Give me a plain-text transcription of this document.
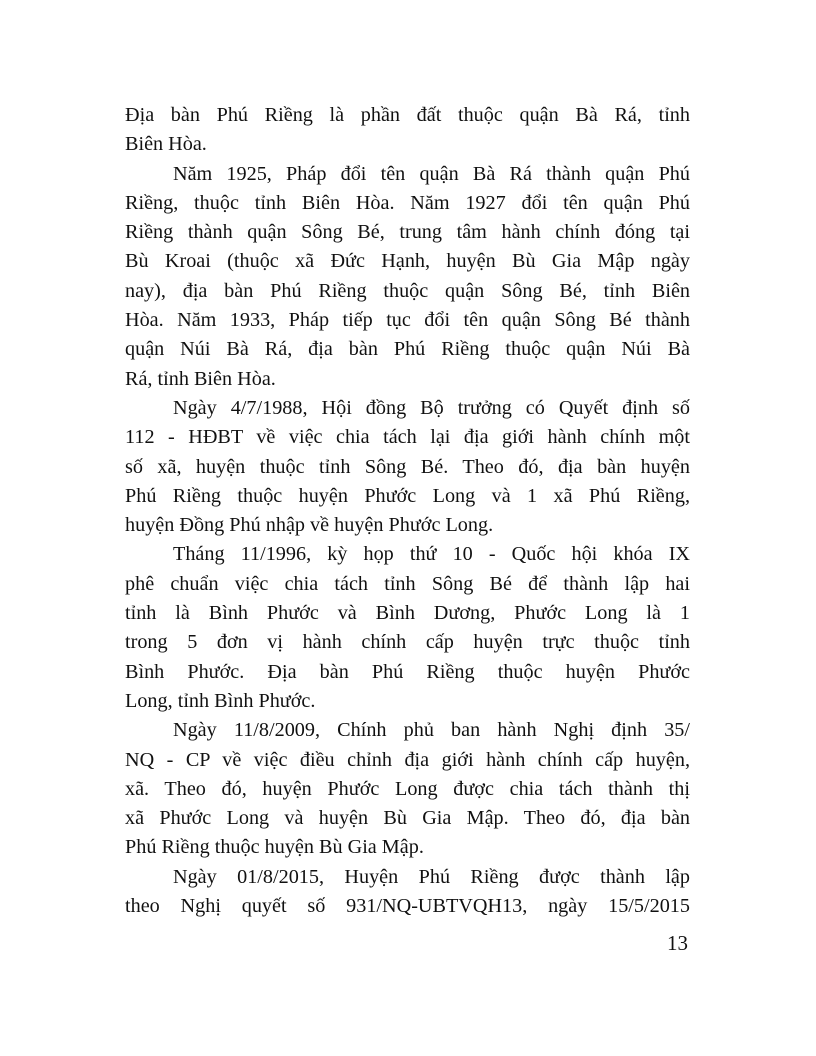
Địa bàn Phú Riềng là phần đất thuộc quận Bà Rá, tỉnh
Biên Hòa.
Năm 1925, Pháp đổi tên quận Bà Rá thành quận Phú
Riềng, thuộc tỉnh Biên Hòa. Năm 1927 đổi tên quận Phú
Riềng thành quận Sông Bé, trung tâm hành chính đóng tại
Bù Kroai (thuộc xã Đức Hạnh, huyện Bù Gia Mập ngày
nay), địa bàn Phú Riềng thuộc quận Sông Bé, tỉnh Biên
Hòa. Năm 1933, Pháp tiếp tục đổi tên quận Sông Bé thành
quận Núi Bà Rá, địa bàn Phú Riềng thuộc quận Núi Bà
Rá, tỉnh Biên Hòa.
Ngày 4/7/1988, Hội đồng Bộ trưởng có Quyết định số
112 - HĐBT về việc chia tách lại địa giới hành chính một
số xã, huyện thuộc tỉnh Sông Bé. Theo đó, địa bàn huyện
Phú Riềng thuộc huyện Phước Long và 1 xã Phú Riềng,
huyện Đồng Phú nhập về huyện Phước Long.
Tháng 11/1996, kỳ họp thứ 10 - Quốc hội khóa IX
phê chuẩn việc chia tách tỉnh Sông Bé để thành lập hai
tỉnh là Bình Phước và Bình Dương, Phước Long là 1
trong 5 đơn vị hành chính cấp huyện trực thuộc tỉnh
Bình Phước. Địa bàn Phú Riềng thuộc huyện Phước
Long, tỉnh Bình Phước.
Ngày 11/8/2009, Chính phủ ban hành Nghị định 35/
NQ - CP về việc điều chỉnh địa giới hành chính cấp huyện,
xã. Theo đó, huyện Phước Long được chia tách thành thị
xã Phước Long và huyện Bù Gia Mập. Theo đó, địa bàn
Phú Riềng thuộc huyện Bù Gia Mập.
Ngày 01/8/2015, Huyện Phú Riềng được thành lập
theo Nghị quyết số 931/NQ-UBTVQH13, ngày 15/5/2015
13
